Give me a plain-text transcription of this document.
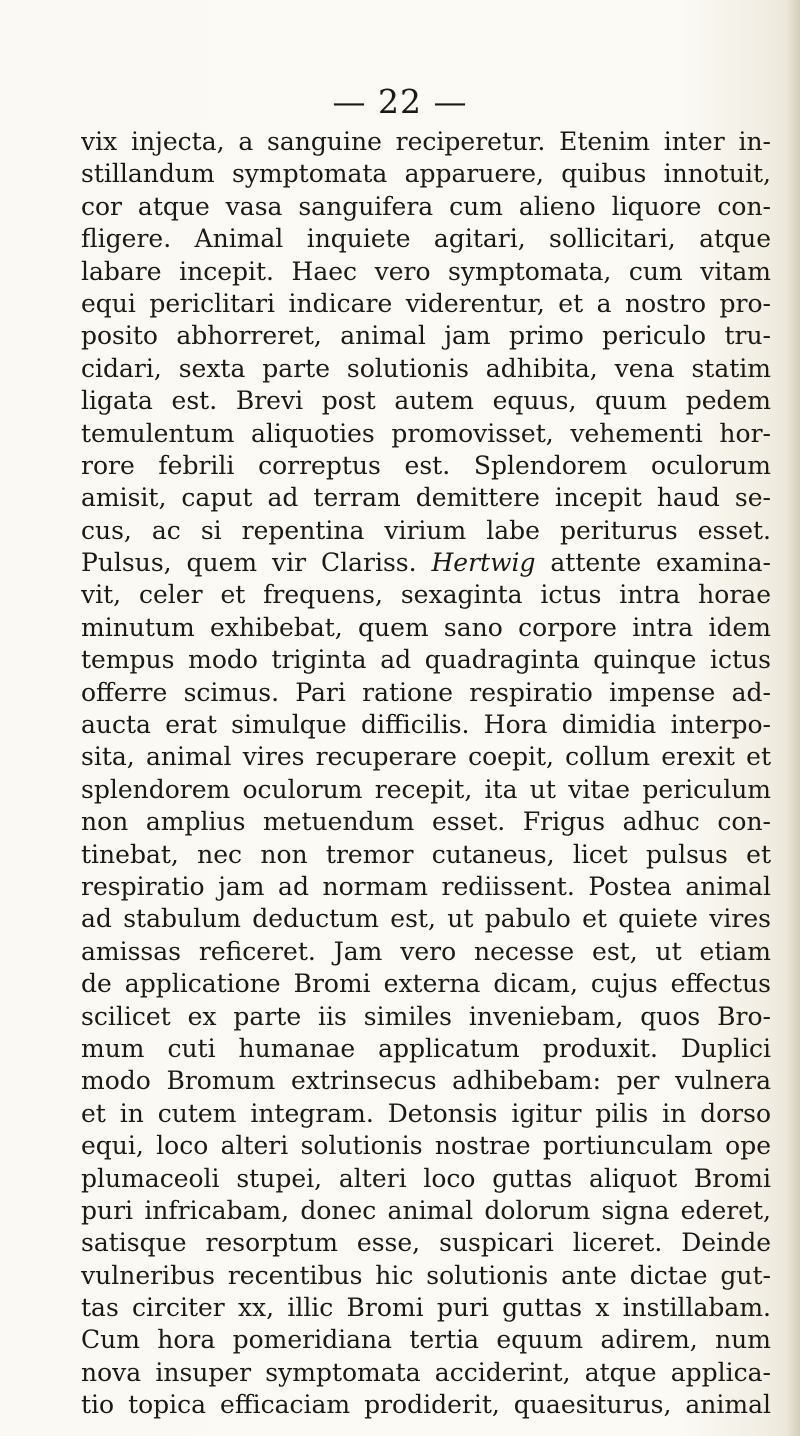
— 22 —
vix injecta, a sanguine reciperetur. Etenim inter in-
stillandum symptomata apparuere, quibus innotuit,
cor atque vasa sanguifera cum alieno liquore con-
fligere. Animal inquiete agitari, sollicitari, atque
labare incepit. Haec vero symptomata, cum vitam
equi periclitari indicare viderentur, et a nostro pro-
posito abhorreret, animal jam primo periculo tru-
cidari, sexta parte solutionis adhibita, vena statim
ligata est. Brevi post autem equus, quum pedem
temulentum aliquoties promovisset, vehementi hor-
rore febrili correptus est. Splendorem oculorum
amisit, caput ad terram demittere incepit haud se-
cus, ac si repentina virium labe periturus esset.
Pulsus, quem vir Clariss. Hertwig attente examina-
vit, celer et frequens, sexaginta ictus intra horae
minutum exhibebat, quem sano corpore intra idem
tempus modo triginta ad quadraginta quinque ictus
offerre scimus. Pari ratione respiratio impense ad-
aucta erat simulque difficilis. Hora dimidia interpo-
sita, animal vires recuperare coepit, collum erexit et
splendorem oculorum recepit, ita ut vitae periculum
non amplius metuendum esset. Frigus adhuc con-
tinebat, nec non tremor cutaneus, licet pulsus et
respiratio jam ad normam rediissent. Postea animal
ad stabulum deductum est, ut pabulo et quiete vires
amissas reficeret. Jam vero necesse est, ut etiam
de applicatione Bromi externa dicam, cujus effectus
scilicet ex parte iis similes inveniebam, quos Bro-
mum cuti humanae applicatum produxit. Duplici
modo Bromum extrinsecus adhibebam: per vulnera
et in cutem integram. Detonsis igitur pilis in dorso
equi, loco alteri solutionis nostrae portiunculam ope
plumaceoli stupei, alteri loco guttas aliquot Bromi
puri infricabam, donec animal dolorum signa ederet,
satisque resorptum esse, suspicari liceret. Deinde
vulneribus recentibus hic solutionis ante dictae gut-
tas circiter xx, illic Bromi puri guttas x instillabam.
Cum hora pomeridiana tertia equum adirem, num
nova insuper symptomata acciderint, atque applica-
tio topica efficaciam prodiderit, quaesiturus, animal
